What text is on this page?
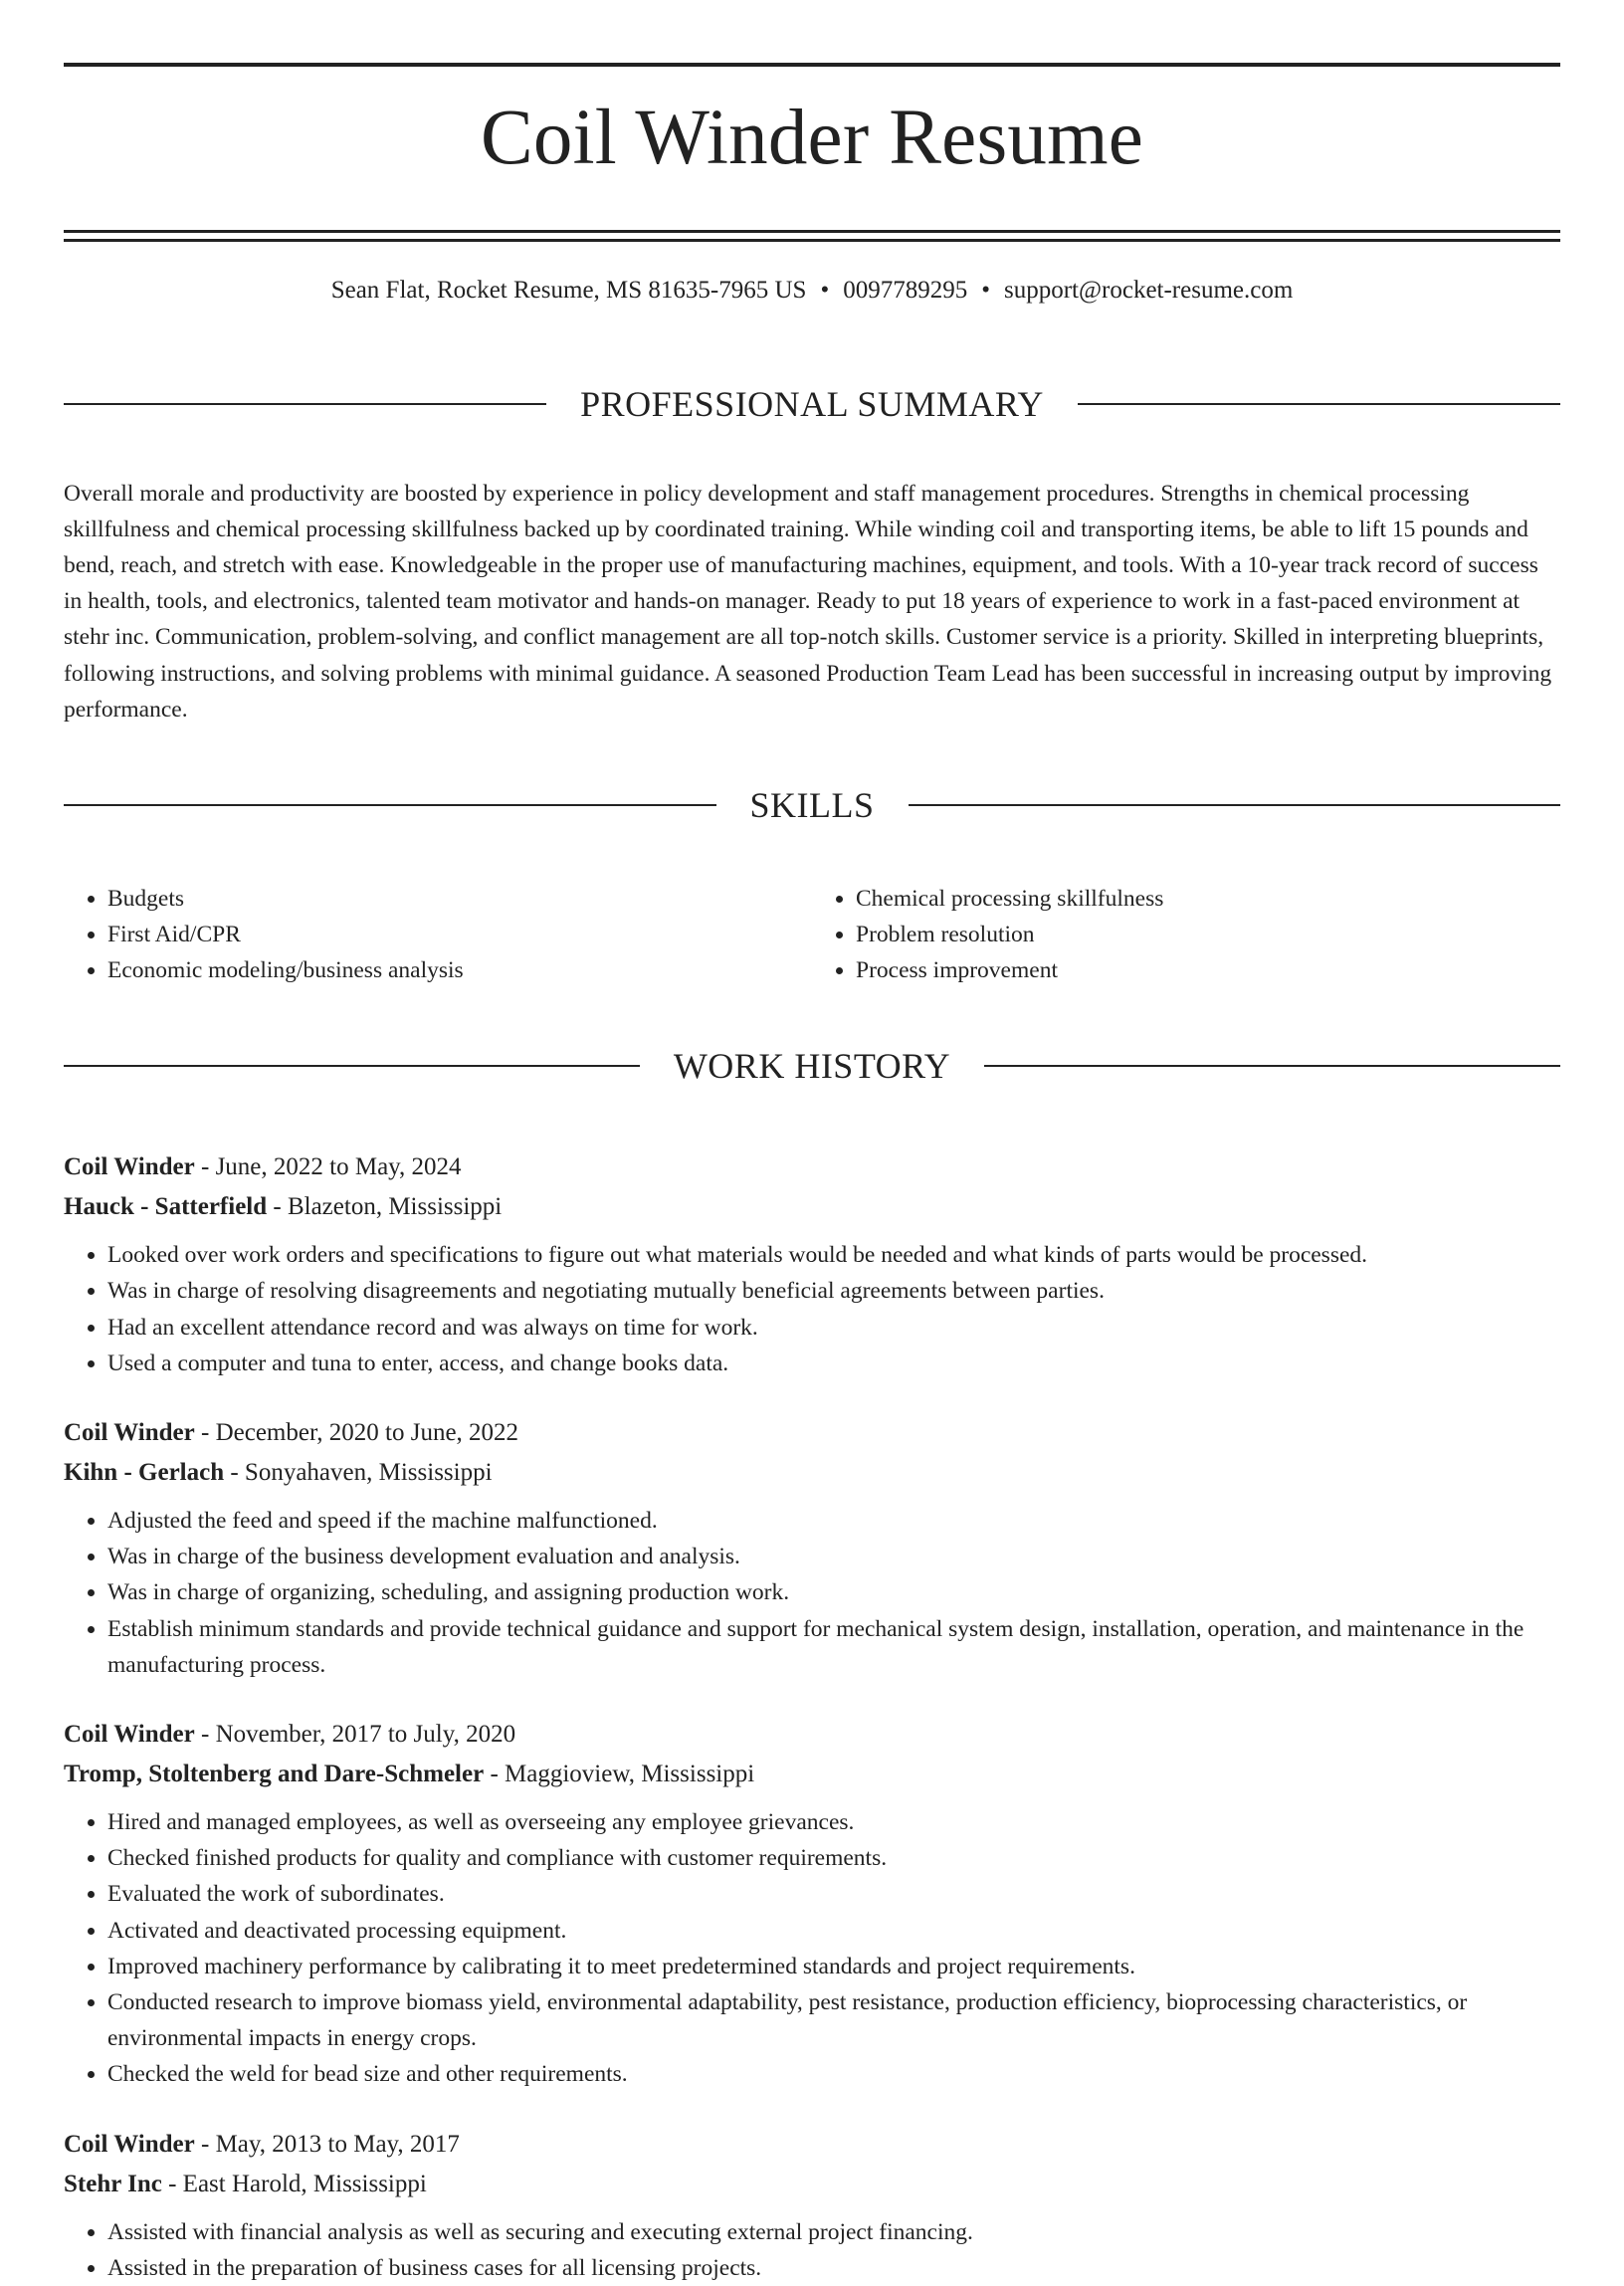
Coil Winder Resume
Sean Flat, Rocket Resume, MS 81635-7965 US • 0097789295 • support@rocket-resume.com
PROFESSIONAL SUMMARY

Overall morale and productivity are boosted by experience in policy development and staff management procedures. Strengths in chemical processing skillfulness and chemical processing skillfulness backed up by coordinated training. While winding coil and transporting items, be able to lift 15 pounds and bend, reach, and stretch with ease. Knowledgeable in the proper use of manufacturing machines, equipment, and tools. With a 10-year track record of success in health, tools, and electronics, talented team motivator and hands-on manager. Ready to put 18 years of experience to work in a fast-paced environment at stehr inc. Communication, problem-solving, and conflict management are all top-notch skills. Customer service is a priority. Skilled in interpreting blueprints, following instructions, and solving problems with minimal guidance. A seasoned Production Team Lead has been successful in increasing output by improving performance.

SKILLS
• Budgets
• First Aid/CPR
• Economic modeling/business analysis
• Chemical processing skillfulness
• Problem resolution
• Process improvement
WORK HISTORY
Coil Winder - June, 2022 to May, 2024
Hauck - Satterfield - Blazeton, Mississippi
• Looked over work orders and specifications to figure out what materials would be needed and what kinds of parts would be processed.
• Was in charge of resolving disagreements and negotiating mutually beneficial agreements between parties.
• Had an excellent attendance record and was always on time for work.
• Used a computer and tuna to enter, access, and change books data.
Coil Winder - December, 2020 to June, 2022
Kihn - Gerlach - Sonyahaven, Mississippi
• Adjusted the feed and speed if the machine malfunctioned.
• Was in charge of the business development evaluation and analysis.
• Was in charge of organizing, scheduling, and assigning production work.
• Establish minimum standards and provide technical guidance and support for mechanical system design, installation, operation, and maintenance in the manufacturing process.
Coil Winder - November, 2017 to July, 2020
Tromp, Stoltenberg and Dare-Schmeler - Maggioview, Mississippi
• Hired and managed employees, as well as overseeing any employee grievances.
• Checked finished products for quality and compliance with customer requirements.
• Evaluated the work of subordinates.
• Activated and deactivated processing equipment.
• Improved machinery performance by calibrating it to meet predetermined standards and project requirements.
• Conducted research to improve biomass yield, environmental adaptability, pest resistance, production efficiency, bioprocessing characteristics, or environmental impacts in energy crops.
• Checked the weld for bead size and other requirements.
Coil Winder - May, 2013 to May, 2017
Stehr Inc - East Harold, Mississippi
• Assisted with financial analysis as well as securing and executing external project financing.
• Assisted in the preparation of business cases for all licensing projects.
